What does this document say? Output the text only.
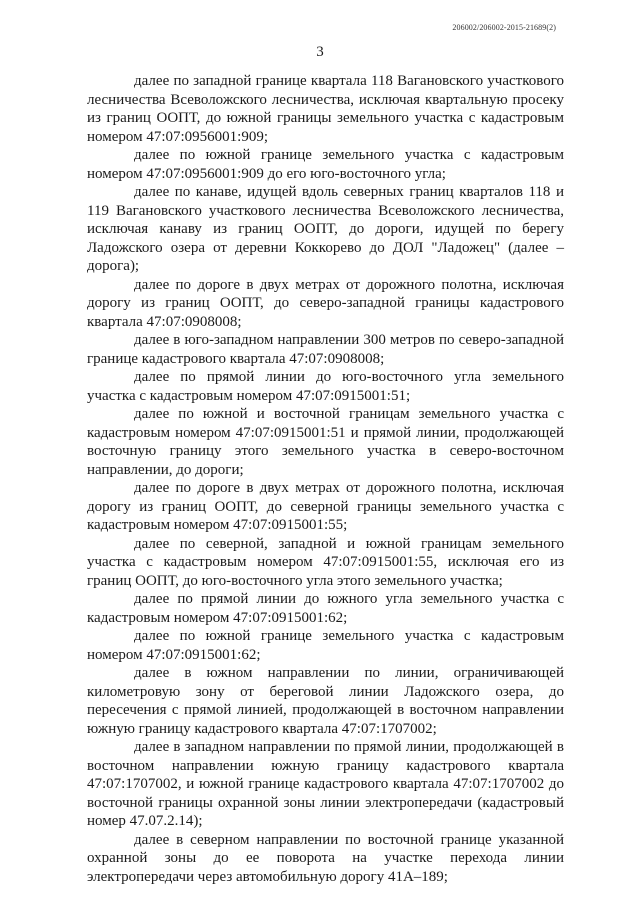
206002/206002-2015-21689(2)
3

далее по западной границе квартала 118 Вагановского участкового лесничества Всеволожского лесничества, исключая квартальную просеку из границ ООПТ, до южной границы земельного участка с кадастровым номером 47:07:0956001:909;

далее по южной границе земельного участка с кадастровым номером 47:07:0956001:909 до его юго-восточного угла;

далее по канаве, идущей вдоль северных границ кварталов 118 и 119 Вагановского участкового лесничества Всеволожского лесничества, исключая канаву из границ ООПТ, до дороги, идущей по берегу Ладожского озера от деревни Коккорево до ДОЛ "Ладожец" (далее – дорога);

далее по дороге в двух метрах от дорожного полотна, исключая дорогу из границ ООПТ, до северо-западной границы кадастрового квартала 47:07:0908008;

далее в юго-западном направлении 300 метров по северо-западной границе кадастрового квартала 47:07:0908008;

далее по прямой линии до юго-восточного угла земельного участка с кадастровым номером 47:07:0915001:51;

далее по южной и восточной границам земельного участка с кадастровым номером 47:07:0915001:51 и прямой линии, продолжающей восточную границу этого земельного участка в северо-восточном направлении, до дороги;

далее по дороге в двух метрах от дорожного полотна, исключая дорогу из границ ООПТ, до северной границы земельного участка с кадастровым номером 47:07:0915001:55;

далее по северной, западной и южной границам земельного участка с кадастровым номером 47:07:0915001:55, исключая его из границ ООПТ, до юго-восточного угла этого земельного участка;

далее по прямой линии до южного угла земельного участка с кадастровым номером 47:07:0915001:62;

далее по южной границе земельного участка с кадастровым номером 47:07:0915001:62;

далее в южном направлении по линии, ограничивающей километровую зону от береговой линии Ладожского озера, до пересечения с прямой линией, продолжающей в восточном направлении южную границу кадастрового квартала 47:07:1707002;

далее в западном направлении по прямой линии, продолжающей в восточном направлении южную границу кадастрового квартала 47:07:1707002, и южной границе кадастрового квартала 47:07:1707002 до восточной границы охранной зоны линии электропередачи (кадастровый номер 47.07.2.14);

далее в северном направлении по восточной границе указанной охранной зоны до ее поворота на участке перехода линии электропередачи через автомобильную дорогу 41А–189;
